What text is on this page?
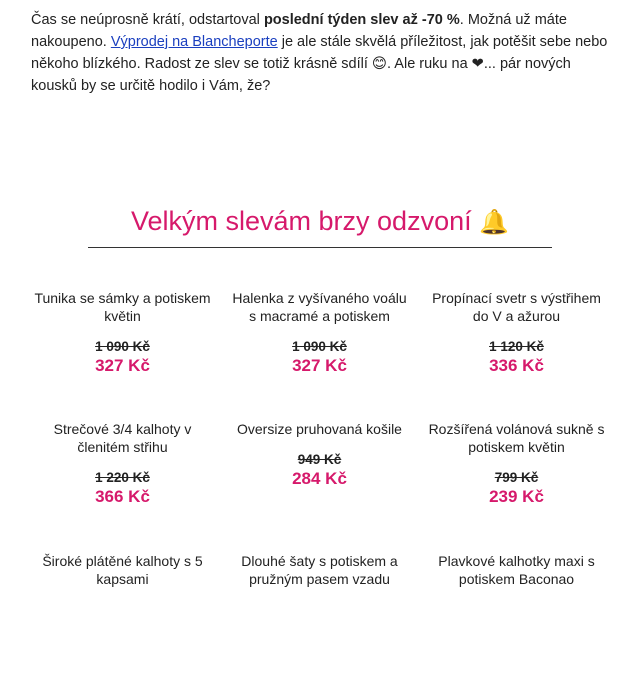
Čas se neúprosně krátí, odstartoval poslední týden slev až -70 %. Možná už máte nakoupeno. Výprodej na Blancheporte je ale stále skvělá příležitost, jak potěšit sebe nebo někoho blízkého. Radost ze slev se totiž krásně sdílí 😊. Ale ruku na ❤... pár nových kousků by se určitě hodilo i Vám, že?

Velkým slevám brzy odzvoní 🔔
Tunika se sámky a potiskem květin
1 090 Kč
327 Kč
Halenka z vyšívaného voálu s macramé a potiskem
1 090 Kč
327 Kč
Propínací svetr s výstřihem do V a ažurou
1 120 Kč
336 Kč
Strečové 3/4 kalhoty v členitém střihu
1 220 Kč
366 Kč
Oversize pruhovaná košile
949 Kč
284 Kč
Rozšířená volánová sukně s potiskem květin
799 Kč
239 Kč
Široké plátěné kalhoty s 5 kapsami
Dlouhé šaty s potiskem a pružným pasem vzadu
Plavkové kalhotky maxi s potiskem Baconao
